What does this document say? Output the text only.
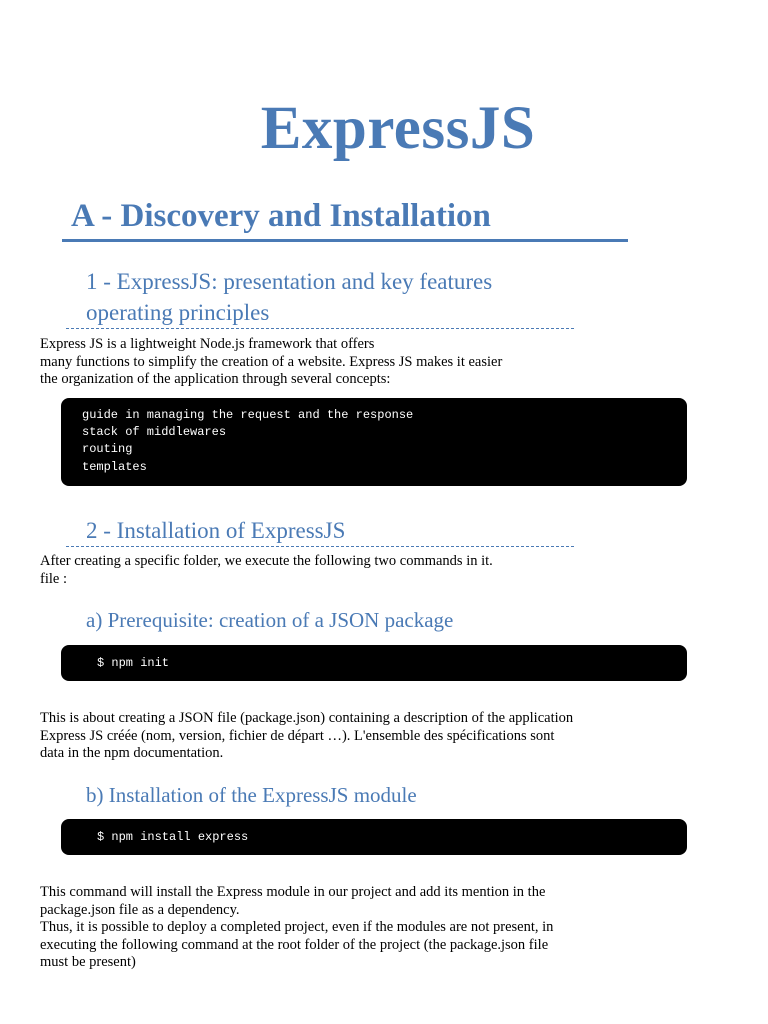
ExpressJS
A - Discovery and Installation
1 - ExpressJS: presentation and key features
operating principles
Express JS is a lightweight Node.js framework that offers
many functions to simplify the creation of a website. Express JS makes it easier
the organization of the application through several concepts:
guide in managing the request and the response
stack of middlewares
routing
templates
2 - Installation of ExpressJS
After creating a specific folder, we execute the following two commands in it.
file :
a) Prerequisite: creation of a JSON package
$ npm init
This is about creating a JSON file (package.json) containing a description of the application
Express JS créée (nom, version, fichier de départ …). L'ensemble des spécifications sont
data in the npm documentation.
b) Installation of the ExpressJS module
$ npm install express
This command will install the Express module in our project and add its mention in the
package.json file as a dependency.
Thus, it is possible to deploy a completed project, even if the modules are not present, in
executing the following command at the root folder of the project (the package.json file
must be present)
